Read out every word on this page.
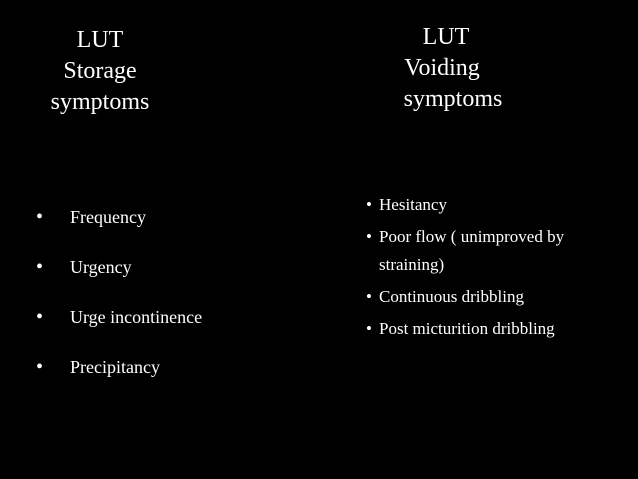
LUT
Storage
symptoms
LUT
Voiding
symptoms
•	Frequency
•	Urgency
•	Urge incontinence
•	Precipitancy
• Hesitancy
• Poor flow ( unimproved by straining)
• Continuous dribbling
• Post micturition dribbling
